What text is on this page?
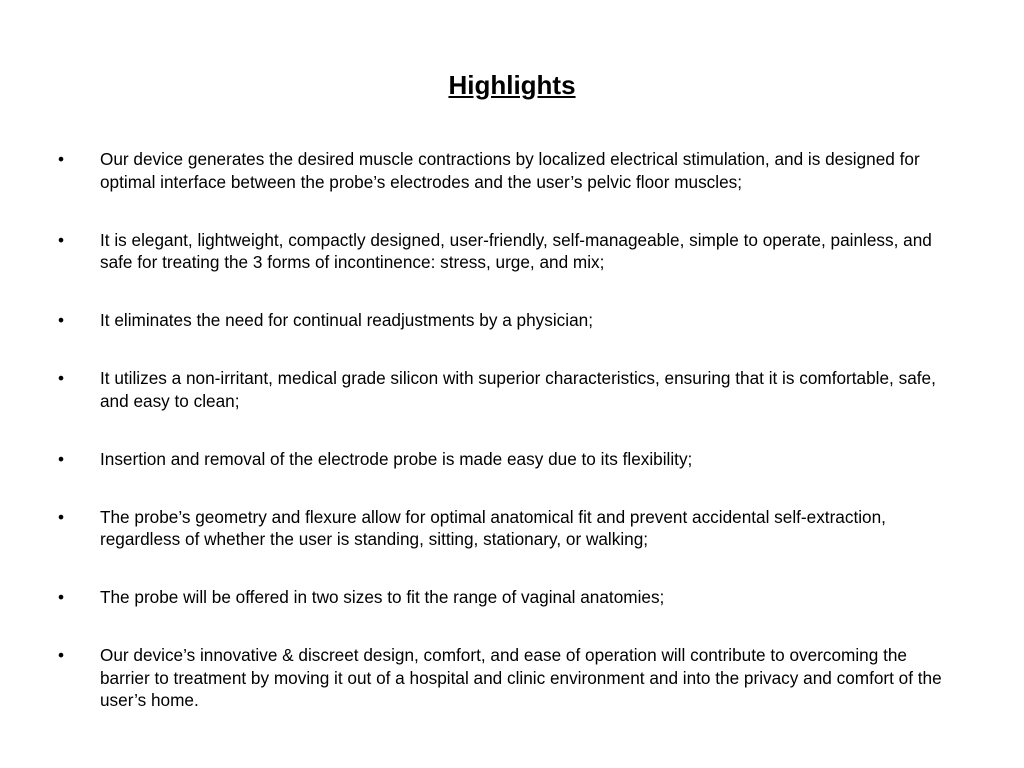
Highlights
•	Our device generates the desired muscle contractions by localized electrical stimulation, and is designed for optimal interface between the probe’s electrodes and the user’s pelvic floor muscles;
•	It is elegant, lightweight, compactly designed, user-friendly, self-manageable, simple to operate, painless, and safe for treating the 3 forms of incontinence: stress, urge, and mix;
•	It eliminates the need for continual readjustments by a physician;
•	It utilizes a non-irritant, medical grade silicon with superior characteristics, ensuring that it is comfortable, safe, and easy to clean;
•	Insertion and removal of the electrode probe is made easy due to its flexibility;
•	The probe’s geometry and flexure allow for optimal anatomical fit and prevent accidental self-extraction, regardless of whether the user is standing, sitting, stationary, or walking;
•	The probe will be offered in two sizes to fit the range of vaginal anatomies;
•	Our device’s innovative & discreet design, comfort, and ease of operation will contribute to overcoming the barrier to treatment by moving it out of a hospital and clinic environment and into the privacy and comfort of the user’s home.
